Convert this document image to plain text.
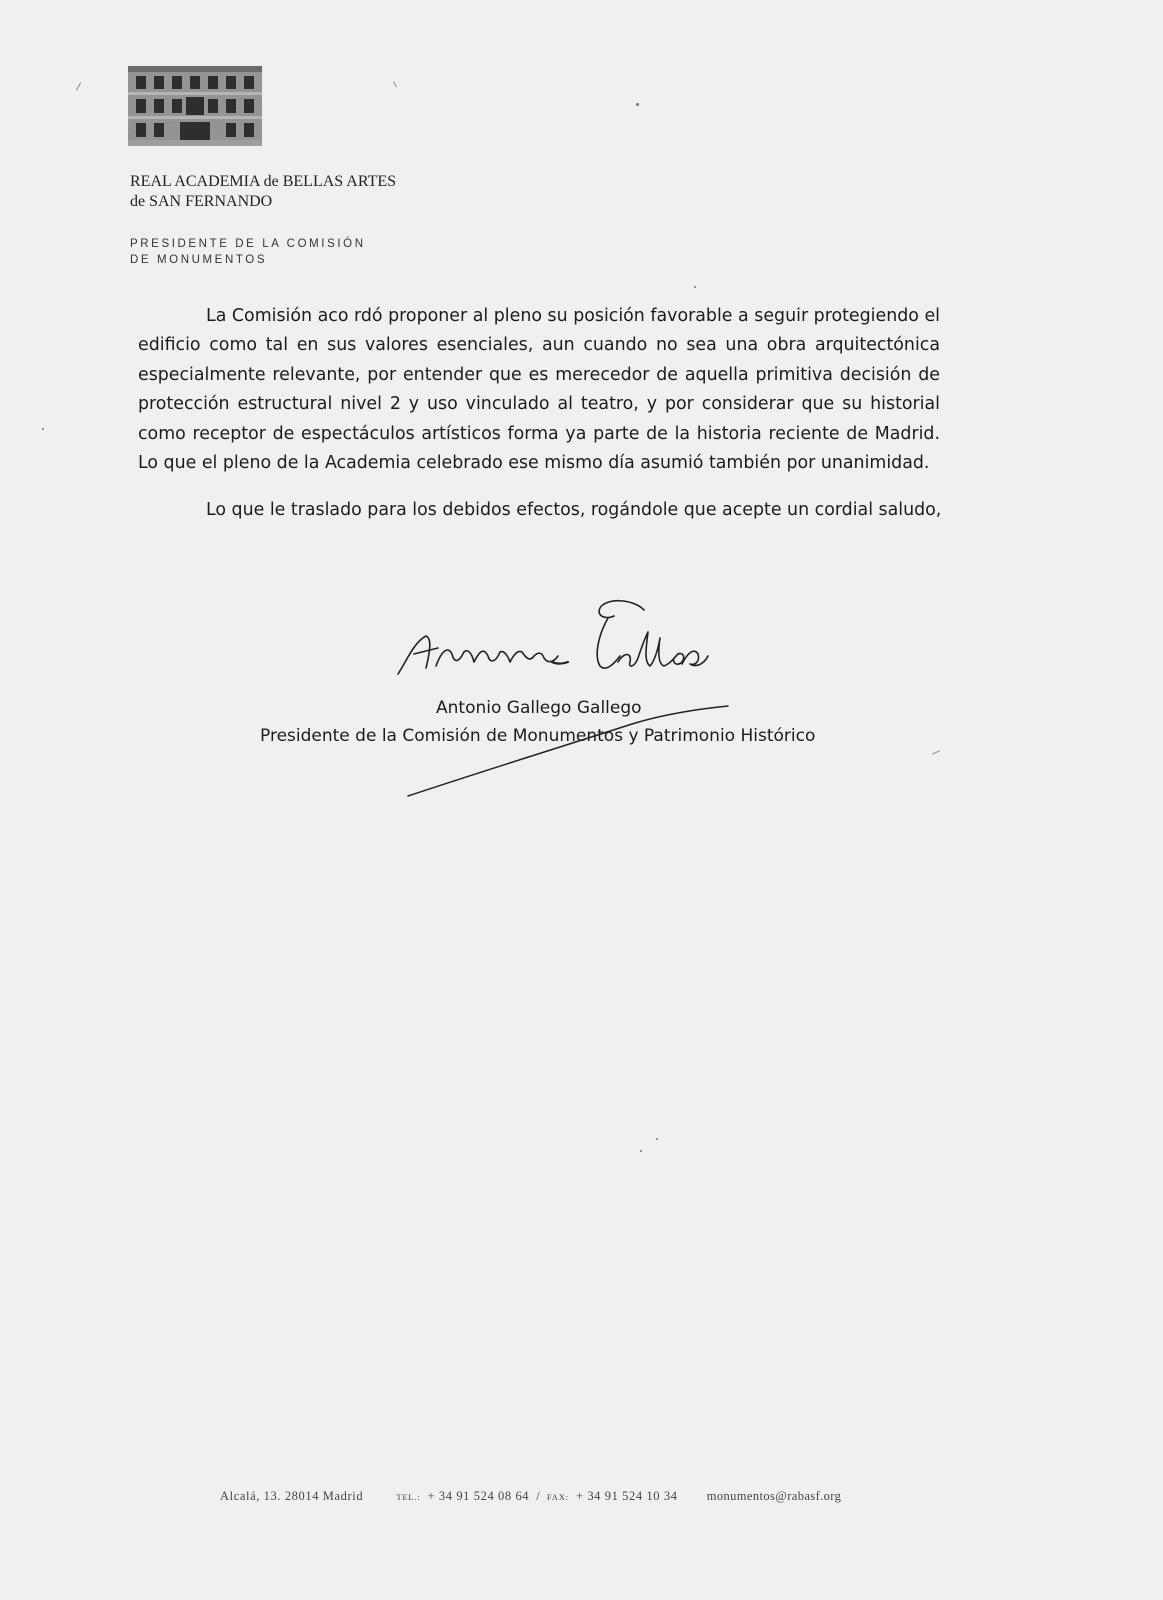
REAL ACADEMIA de BELLAS ARTES
de SAN FERNANDO
PRESIDENTE DE LA COMISIÓN
DE MONUMENTOS

La Comisión aco rdó proponer al pleno su posición favorable a seguir protegiendo el edificio como tal en sus valores esenciales, aun cuando no sea una obra arquitectónica especialmente relevante, por entender que es merecedor de aquella primitiva decisión de protección estructural nivel 2 y uso vinculado al teatro, y por considerar que su historial como receptor de espectáculos artísticos forma ya parte de la historia reciente de Madrid. Lo que el pleno de la Academia celebrado ese mismo día asumió también por unanimidad.

Lo que le traslado para los debidos efectos, rogándole que acepte un cordial saludo,
Antonio Gallego Gallego
Presidente de la Comisión de Monumentos y Patrimonio Histórico
Alcalá, 13. 28014 Madrid	TEL.: + 34 91 524 08 64 / FAX: + 34 91 524 10 34 monumentos@rabasf.org
